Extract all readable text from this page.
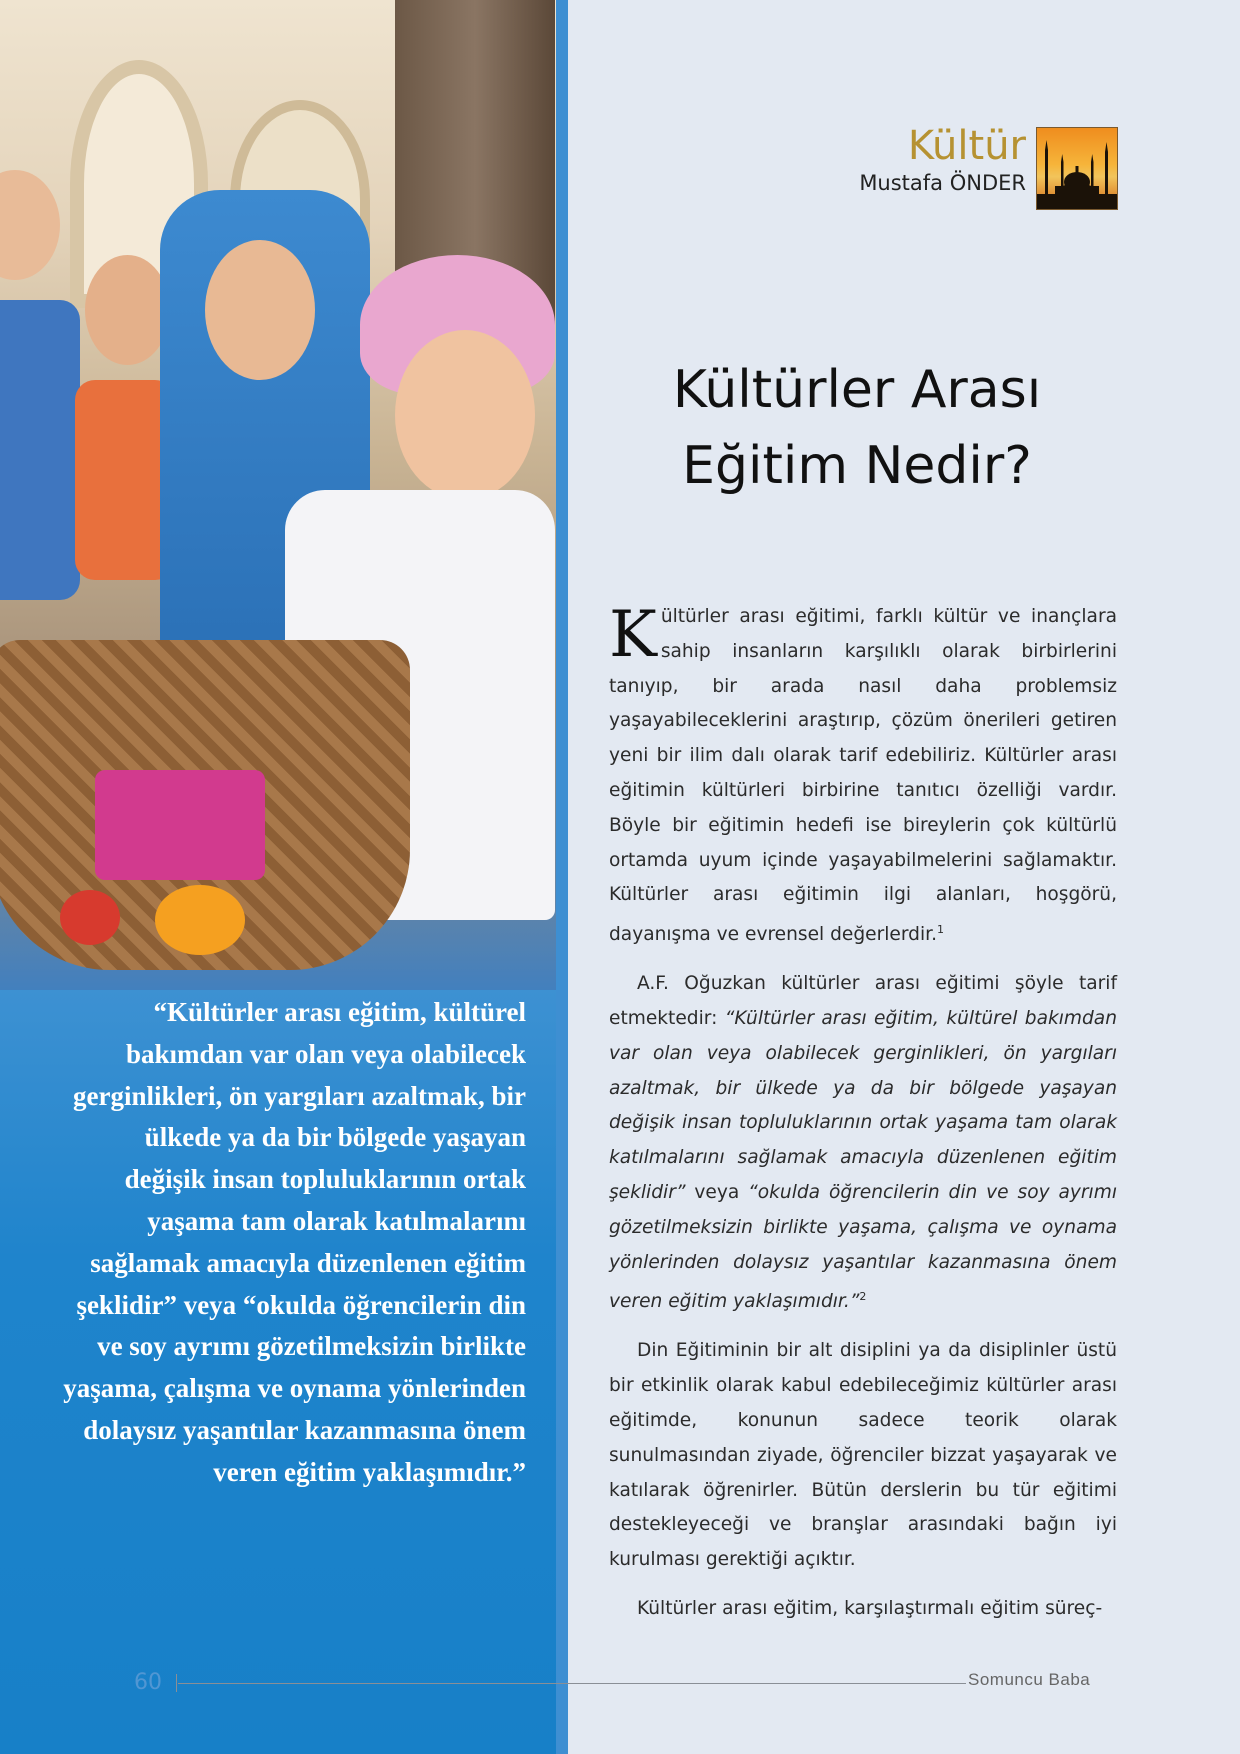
“Kültürler arası eğitim, kültürel bakımdan var olan veya olabilecek gerginlikleri, ön yargıları azaltmak, bir ülkede ya da bir bölgede yaşayan değişik insan topluluklarının ortak yaşama tam olarak katılmalarını sağlamak amacıyla düzenlenen eğitim şeklidir” veya “okulda öğrencilerin din ve soy ayrımı gözetilmeksizin birlikte yaşama, çalışma ve oynama yönlerinden dolaysız yaşantılar kazanmasına önem veren eğitim yaklaşımıdır.”
Kültür
Mustafa ÖNDER
Kültürler Arası
Eğitim Nedir?

Kültürler arası eğitimi, farklı kültür ve inançlara sahip insanların karşılıklı olarak birbirlerini tanıyıp, bir arada nasıl daha problemsiz yaşayabileceklerini araştırıp, çözüm önerileri getiren yeni bir ilim dalı olarak tarif edebiliriz. Kültürler arası eğitimin kültürleri birbirine tanıtıcı özelliği vardır. Böyle bir eğitimin hedefi ise bireylerin çok kültürlü ortamda uyum içinde yaşayabilmelerini sağlamaktır. Kültürler arası eğitimin ilgi alanları, hoşgörü, dayanışma ve evrensel değerlerdir.$^1$

A.F. Oğuzkan kültürler arası eğitimi şöyle tarif etmektedir: “Kültürler arası eğitim, kültürel bakımdan var olan veya olabilecek gerginlikleri, ön yargıları azaltmak, bir ülkede ya da bir bölgede yaşayan değişik insan topluluklarının ortak yaşama tam olarak katılmalarını sağlamak amacıyla düzenlenen eğitim şeklidir” veya “okulda öğrencilerin din ve soy ayrımı gözetilmeksizin birlikte yaşama, çalışma ve oynama yönlerinden dolaysız yaşantılar kazanmasına önem veren eğitim yaklaşımıdır.”$^2$

Din Eğitiminin bir alt disiplini ya da disiplinler üstü bir etkinlik olarak kabul edebileceğimiz kültürler arası eğitimde, konunun sadece teorik olarak sunulmasından ziyade, öğrenciler bizzat yaşayarak ve katılarak öğrenirler. Bütün derslerin bu tür eğitimi destekleyeceği ve branşlar arasındaki bağın iyi kurulması gerektiği açıktır.

Kültürler arası eğitim, karşılaştırmalı eğitim süreç-

60	Somuncu Baba
